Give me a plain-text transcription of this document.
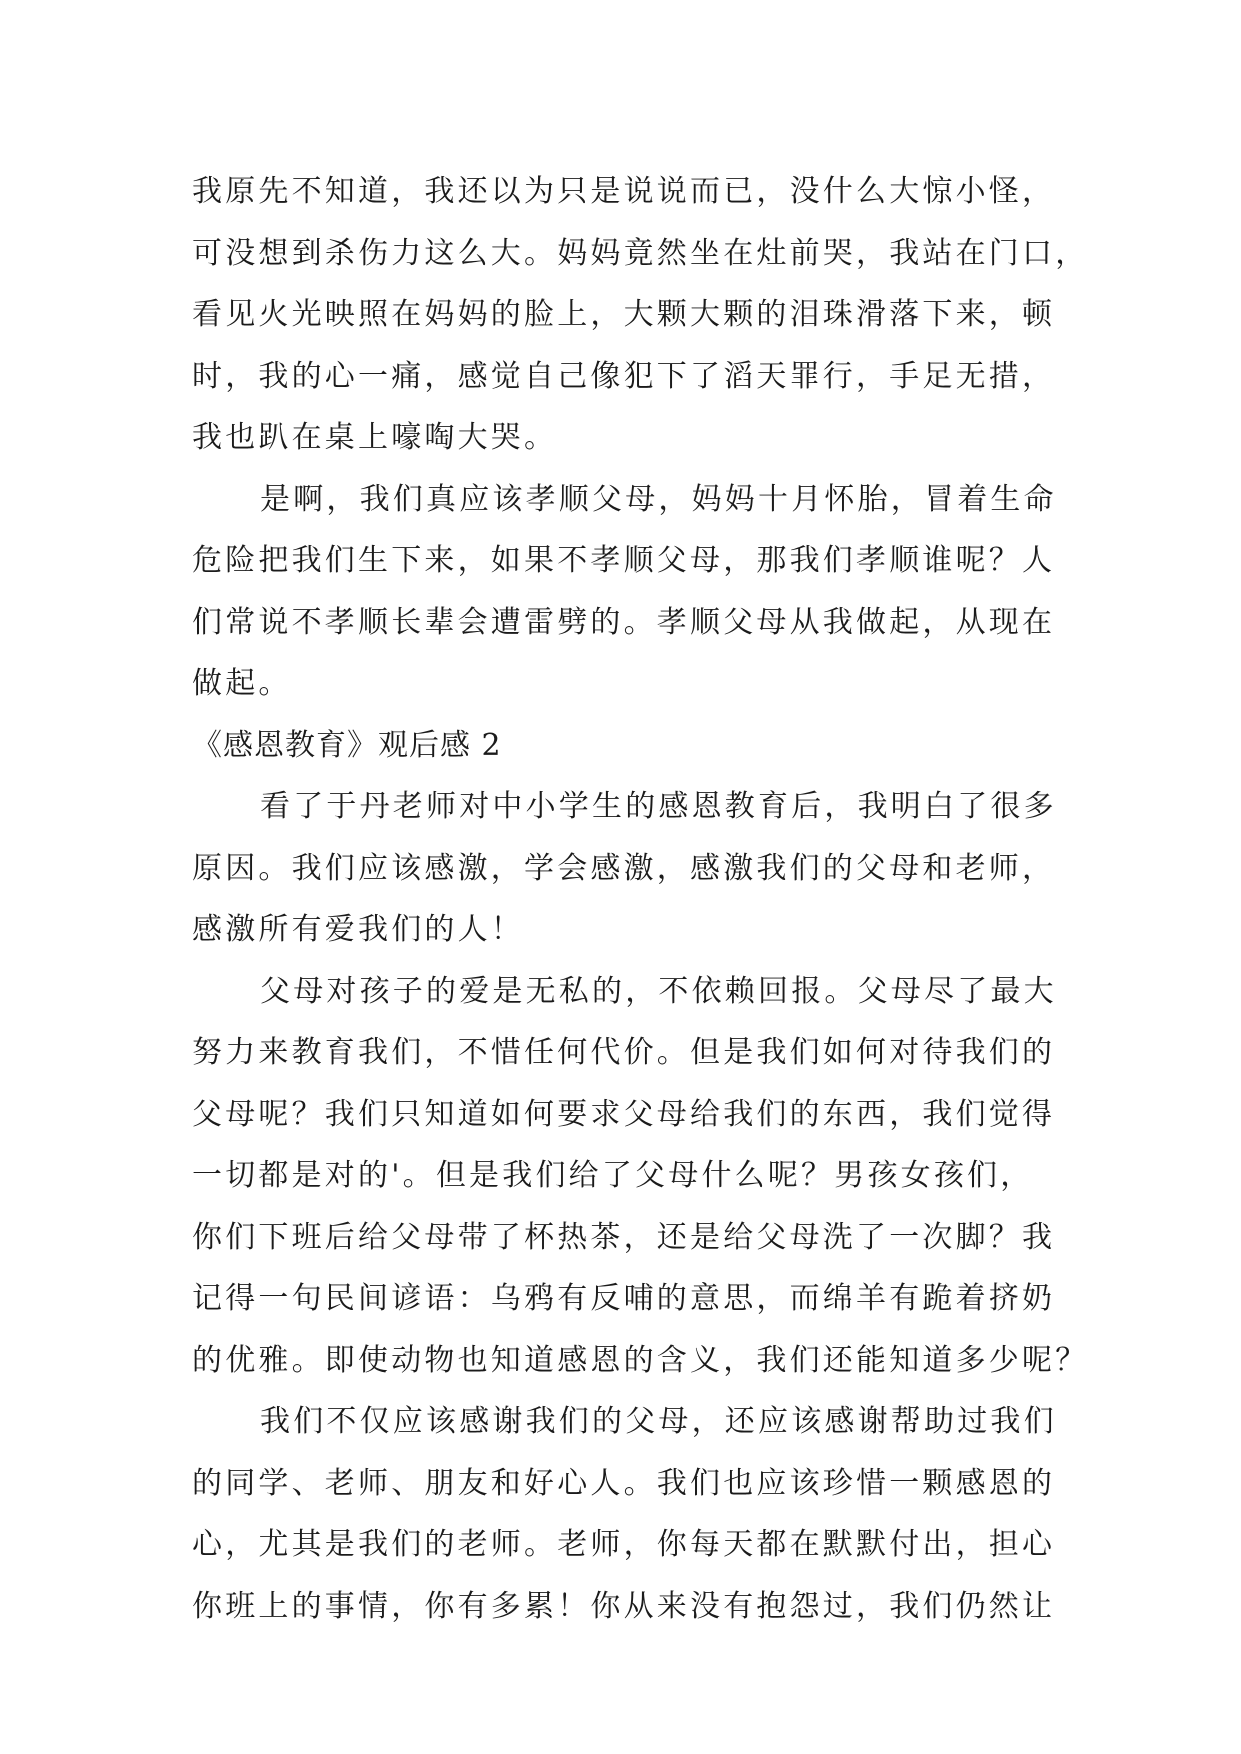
我原先不知道，我还以为只是说说而已，没什么大惊小怪，
可没想到杀伤力这么大。妈妈竟然坐在灶前哭，我站在门口，
看见火光映照在妈妈的脸上，大颗大颗的泪珠滑落下来，顿
时，我的心一痛，感觉自己像犯下了滔天罪行，手足无措，
我也趴在桌上嚎啕大哭。
是啊，我们真应该孝顺父母，妈妈十月怀胎，冒着生命
危险把我们生下来，如果不孝顺父母，那我们孝顺谁呢？人
们常说不孝顺长辈会遭雷劈的。孝顺父母从我做起，从现在
做起。
《感恩教育》观后感 2
看了于丹老师对中小学生的感恩教育后，我明白了很多
原因。我们应该感激，学会感激，感激我们的父母和老师，
感激所有爱我们的人！
父母对孩子的爱是无私的，不依赖回报。父母尽了最大
努力来教育我们，不惜任何代价。但是我们如何对待我们的
父母呢？我们只知道如何要求父母给我们的东西，我们觉得
一切都是对的'。但是我们给了父母什么呢？男孩女孩们，
你们下班后给父母带了杯热茶，还是给父母洗了一次脚？我
记得一句民间谚语：乌鸦有反哺的意思，而绵羊有跪着挤奶
的优雅。即使动物也知道感恩的含义，我们还能知道多少呢？
我们不仅应该感谢我们的父母，还应该感谢帮助过我们
的同学、老师、朋友和好心人。我们也应该珍惜一颗感恩的
心，尤其是我们的老师。老师，你每天都在默默付出，担心
你班上的事情，你有多累！你从来没有抱怨过，我们仍然让
